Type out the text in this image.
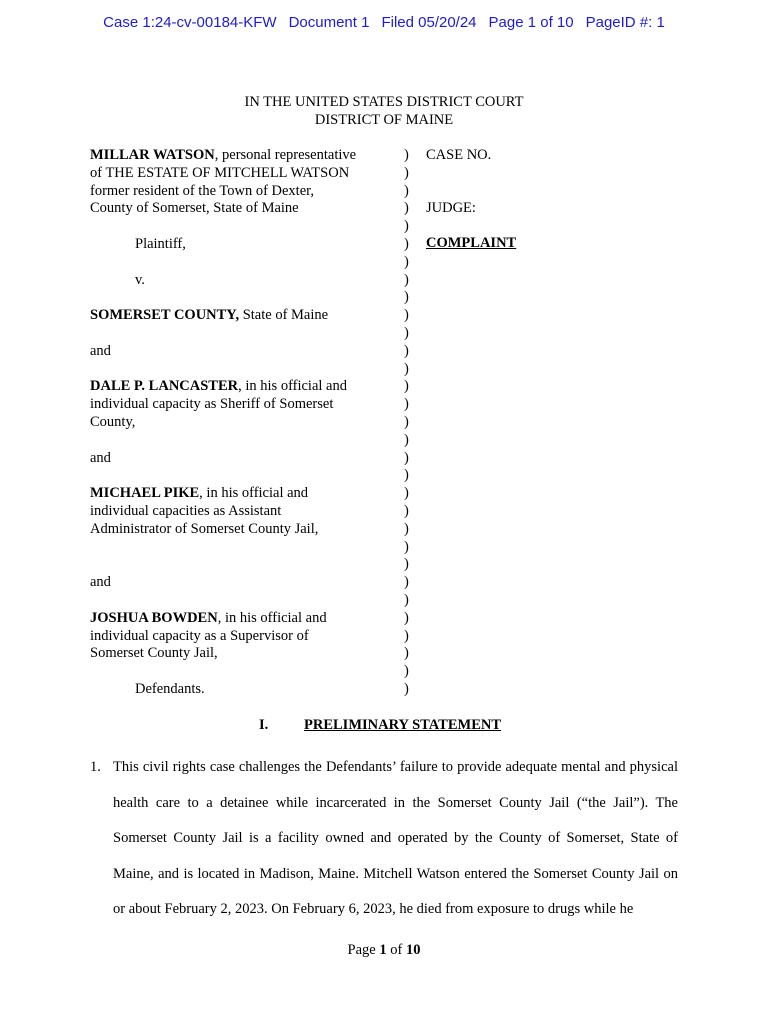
Case 1:24-cv-00184-KFW Document 1 Filed 05/20/24 Page 1 of 10 PageID #: 1
IN THE UNITED STATES DISTRICT COURT
DISTRICT OF MAINE

MILLAR WATSON, personal representative

of THE ESTATE OF MITCHELL WATSON

former resident of the Town of Dexter,

County of Somerset, State of Maine

Plaintiff,

v.

SOMERSET COUNTY, State of Maine

and

DALE P. LANCASTER, in his official and

individual capacity as Sheriff of Somerset

County,

and

MICHAEL PIKE, in his official and

individual capacities as Assistant

Administrator of Somerset County Jail,

and

JOSHUA BOWDEN, in his official and

individual capacity as a Supervisor of

Somerset County Jail,

Defendants.

)
)
)
)
)
)
)
)
)
)
)
)
)
)
)
)
)
)
)
)
)
)
)
)
)
)
)
)
)
)
)
CASE NO.
JUDGE:
COMPLAINT
I. PRELIMINARY STATEMENT
1. This civil rights case challenges the Defendants’ failure to provide adequate mental and physical health care to a detainee while incarcerated in the Somerset County Jail (“the Jail”). The Somerset County Jail is a facility owned and operated by the County of Somerset, State of Maine, and is located in Madison, Maine. Mitchell Watson entered the Somerset County Jail on or about February 2, 2023. On February 6, 2023, he died from exposure to drugs while he
Page 1 of 10
